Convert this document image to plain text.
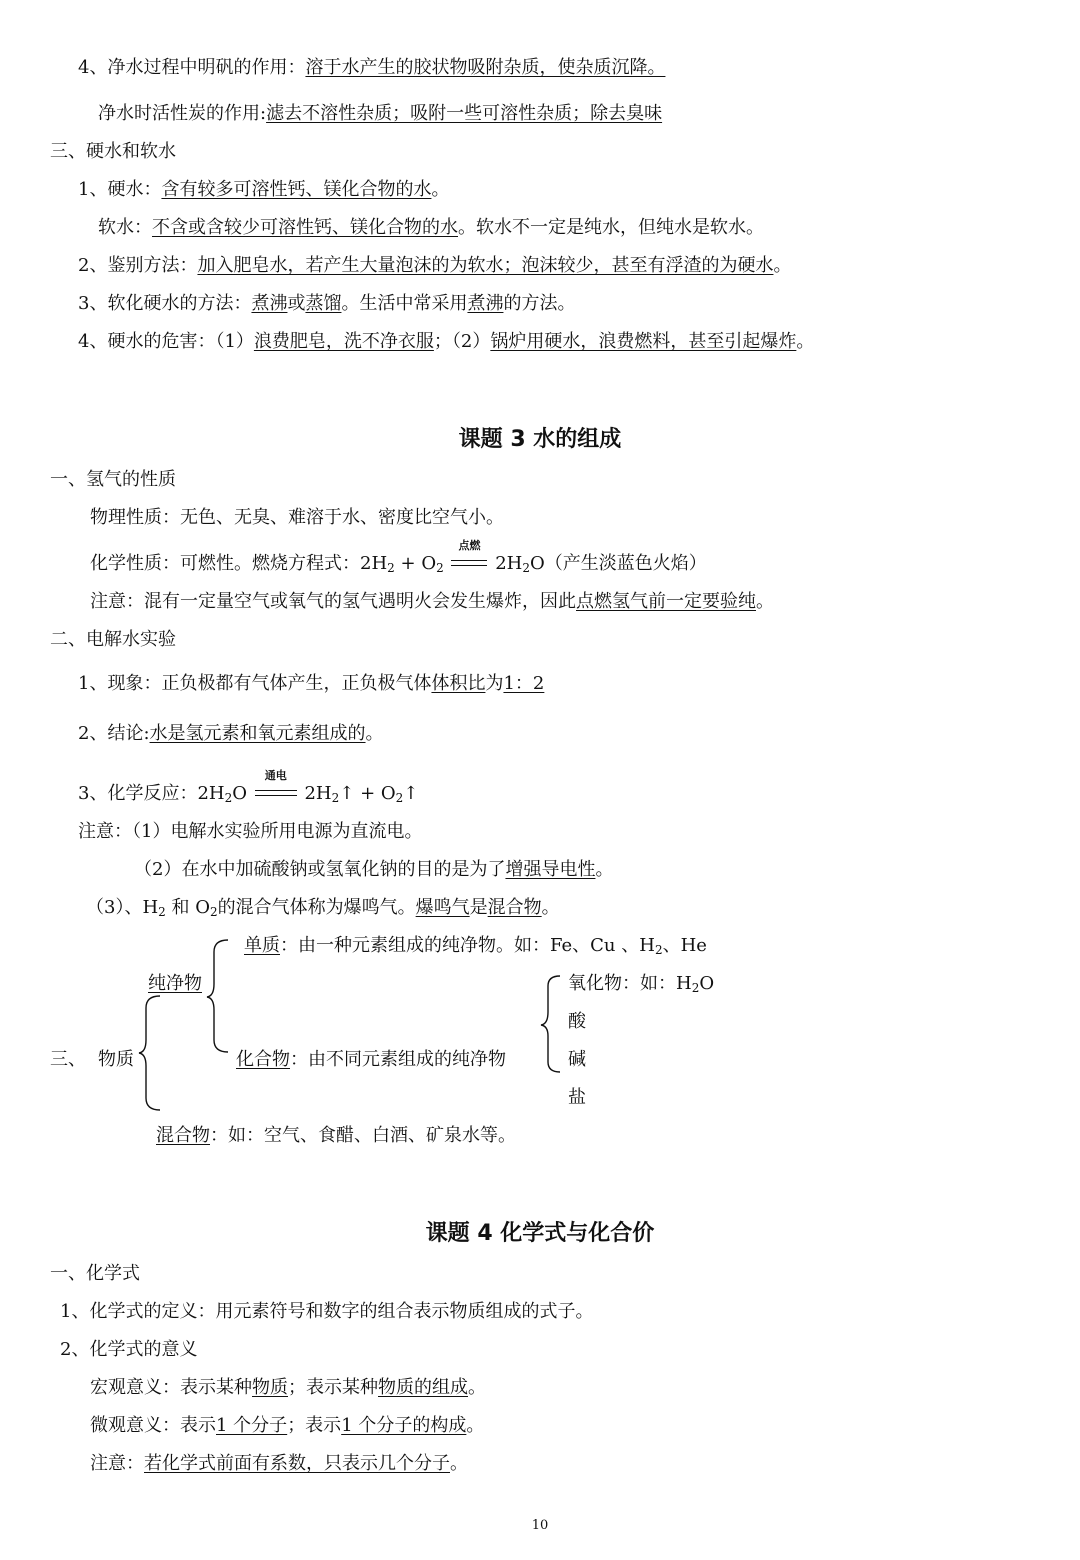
4、净水过程中明矾的作用：溶于水产生的胶状物吸附杂质，使杂质沉降。
净水时活性炭的作用:滤去不溶性杂质；吸附一些可溶性杂质；除去臭味
三、硬水和软水
1、硬水：含有较多可溶性钙、镁化合物的水。
软水：不含或含较少可溶性钙、镁化合物的水。软水不一定是纯水，但纯水是软水。
2、鉴别方法：加入肥皂水，若产生大量泡沫的为软水；泡沫较少，甚至有浮渣的为硬水。
3、软化硬水的方法：煮沸或蒸馏。生活中常采用煮沸的方法。
4、硬水的危害：（1）浪费肥皂，洗不净衣服；（2）锅炉用硬水，浪费燃料，甚至引起爆炸。
课题 3 水的组成
一、氢气的性质
物理性质：无色、无臭、难溶于水、密度比空气小。
化学性质：可燃性。燃烧方程式：$2H_2 + O_2$
点燃
$2H_2O$（产生淡蓝色火焰）
注意：混有一定量空气或氧气的氢气遇明火会发生爆炸，因此点燃氢气前一定要验纯。
二、电解水实验
1、现象：正负极都有气体产生，正负极气体体积比为1：2
2、结论:水是氢元素和氧元素组成的。
3、化学反应：$2H_2O$
通电
$2H_2↑$ + $O_2↑$
注意：（1）电解水实验所用电源为直流电。
（2）在水中加硫酸钠或氢氧化钠的目的是为了增强导电性。
（3）、$H_2$ 和 $O_2$的混合气体称为爆鸣气。爆鸣气是混合物。
三、 物质
纯净物
单质：由一种元素组成的纯净物。如：Fe、Cu 、$H_2$、He
化合物：由不同元素组成的纯净物
氧化物：如：$H_2O$
酸
碱
盐
混合物：如：空气、食醋、白酒、矿泉水等。
课题 4 化学式与化合价
一、化学式
1、化学式的定义：用元素符号和数字的组合表示物质组成的式子。
2、化学式的意义
宏观意义：表示某种物质；表示某种物质的组成。
微观意义：表示1 个分子；表示1 个分子的构成。
注意：若化学式前面有系数，只表示几个分子。
10
